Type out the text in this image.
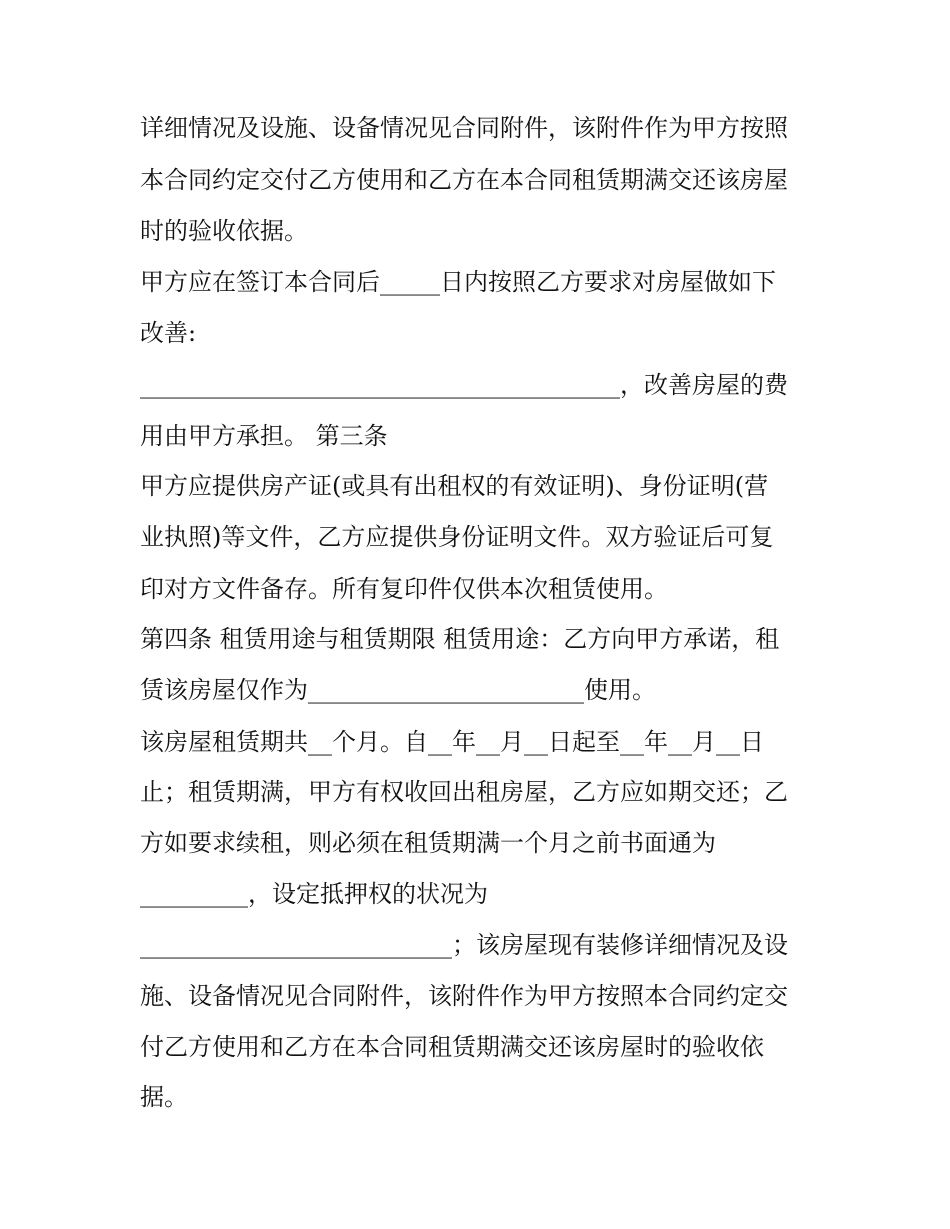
详细情况及设施、设备情况见合同附件，该附件作为甲方按照
本合同约定交付乙方使用和乙方在本合同租赁期满交还该房屋
时的验收依据。
甲方应在签订本合同后_____日内按照乙方要求对房屋做如下
改善:
________________________________________，改善房屋的费
用由甲方承担。 第三条
甲方应提供房产证(或具有出租权的有效证明)、身份证明(营
业执照)等文件，乙方应提供身份证明文件。双方验证后可复
印对方文件备存。所有复印件仅供本次租赁使用。
第四条 租赁用途与租赁期限 租赁用途：乙方向甲方承诺，租
赁该房屋仅作为_______________________使用。
该房屋租赁期共__个月。自__年__月__日起至__年__月__日
止；租赁期满，甲方有权收回出租房屋，乙方应如期交还；乙
方如要求续租，则必须在租赁期满一个月之前书面通为
_________，设定抵押权的状况为
__________________________；该房屋现有装修详细情况及设
施、设备情况见合同附件，该附件作为甲方按照本合同约定交
付乙方使用和乙方在本合同租赁期满交还该房屋时的验收依
据。
